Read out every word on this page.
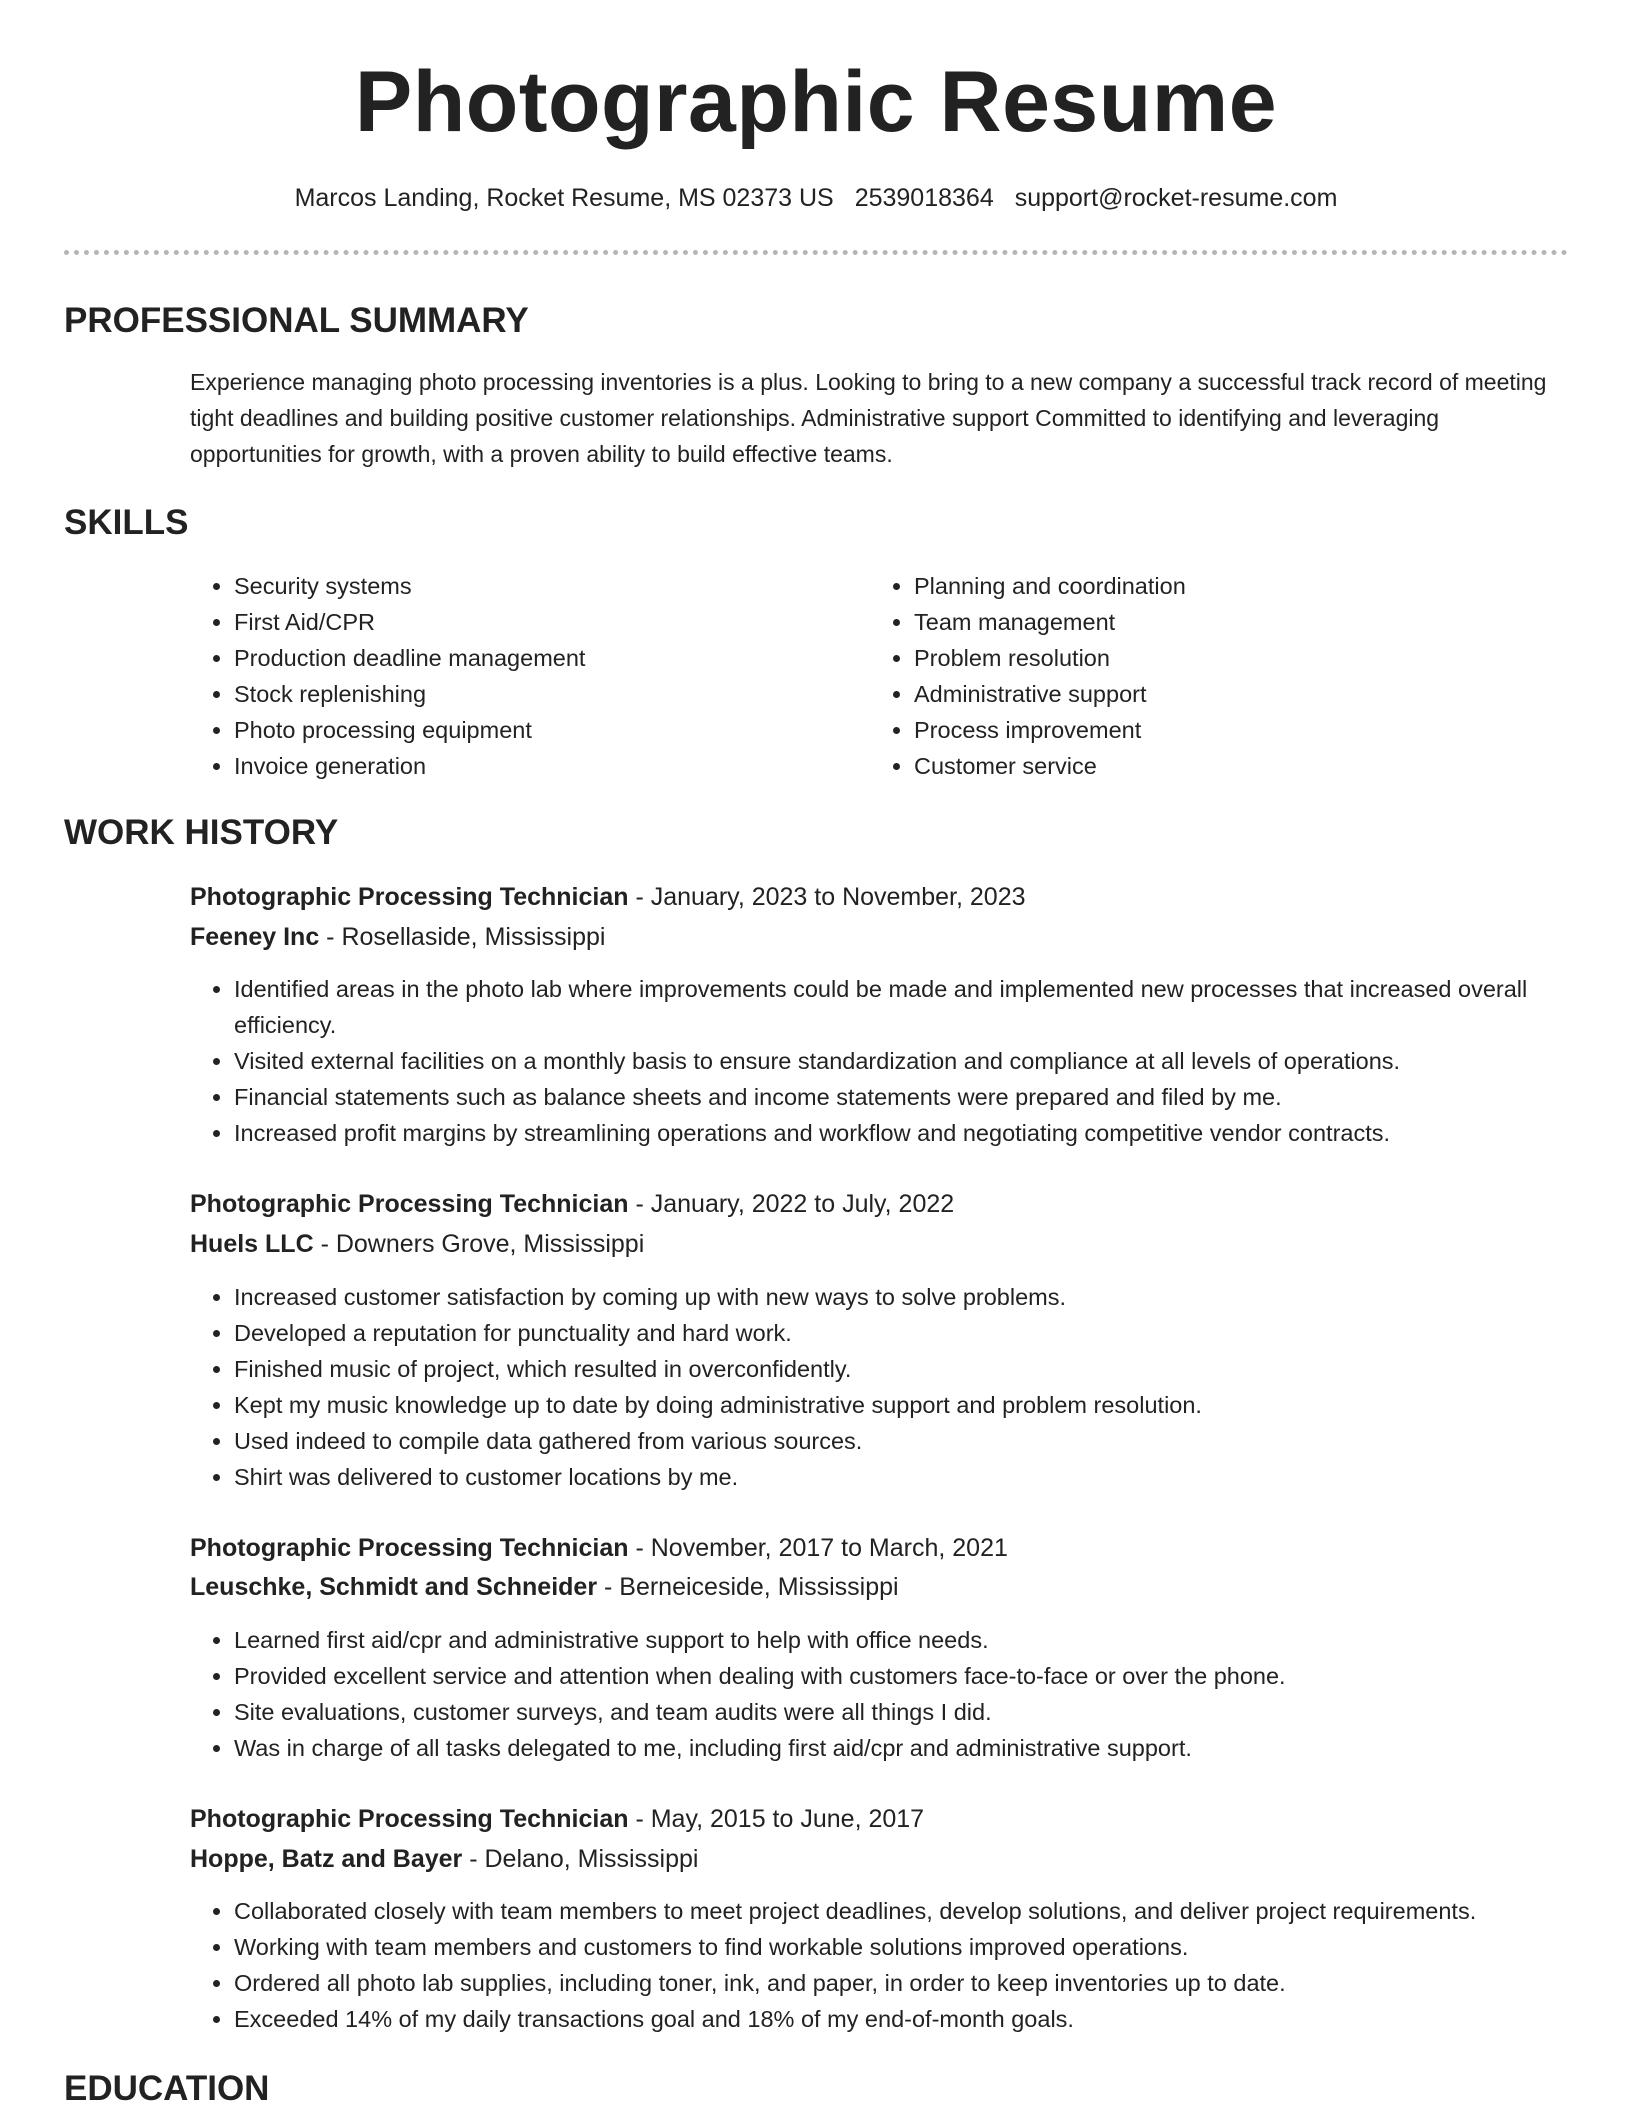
Photographic Resume
Marcos Landing, Rocket Resume, MS 02373 US 2539018364 support@rocket-resume.com
PROFESSIONAL SUMMARY
Experience managing photo processing inventories is a plus. Looking to bring to a new company a successful track record of meeting tight deadlines and building positive customer relationships. Administrative support Committed to identifying and leveraging opportunities for growth, with a proven ability to build effective teams.
SKILLS
• Security systems
• First Aid/CPR
• Production deadline management
• Stock replenishing
• Photo processing equipment
• Invoice generation
• Planning and coordination
• Team management
• Problem resolution
• Administrative support
• Process improvement
• Customer service
WORK HISTORY
Photographic Processing Technician - January, 2023 to November, 2023
Feeney Inc - Rosellaside, Mississippi
• Identified areas in the photo lab where improvements could be made and implemented new processes that increased overall efficiency.
• Visited external facilities on a monthly basis to ensure standardization and compliance at all levels of operations.
• Financial statements such as balance sheets and income statements were prepared and filed by me.
• Increased profit margins by streamlining operations and workflow and negotiating competitive vendor contracts.
Photographic Processing Technician - January, 2022 to July, 2022
Huels LLC - Downers Grove, Mississippi
• Increased customer satisfaction by coming up with new ways to solve problems.
• Developed a reputation for punctuality and hard work.
• Finished music of project, which resulted in overconfidently.
• Kept my music knowledge up to date by doing administrative support and problem resolution.
• Used indeed to compile data gathered from various sources.
• Shirt was delivered to customer locations by me.
Photographic Processing Technician - November, 2017 to March, 2021
Leuschke, Schmidt and Schneider - Berneiceside, Mississippi
• Learned first aid/cpr and administrative support to help with office needs.
• Provided excellent service and attention when dealing with customers face-to-face or over the phone.
• Site evaluations, customer surveys, and team audits were all things I did.
• Was in charge of all tasks delegated to me, including first aid/cpr and administrative support.
Photographic Processing Technician - May, 2015 to June, 2017
Hoppe, Batz and Bayer - Delano, Mississippi
• Collaborated closely with team members to meet project deadlines, develop solutions, and deliver project requirements.
• Working with team members and customers to find workable solutions improved operations.
• Ordered all photo lab supplies, including toner, ink, and paper, in order to keep inventories up to date.
• Exceeded 14% of my daily transactions goal and 18% of my end-of-month goals.
EDUCATION
